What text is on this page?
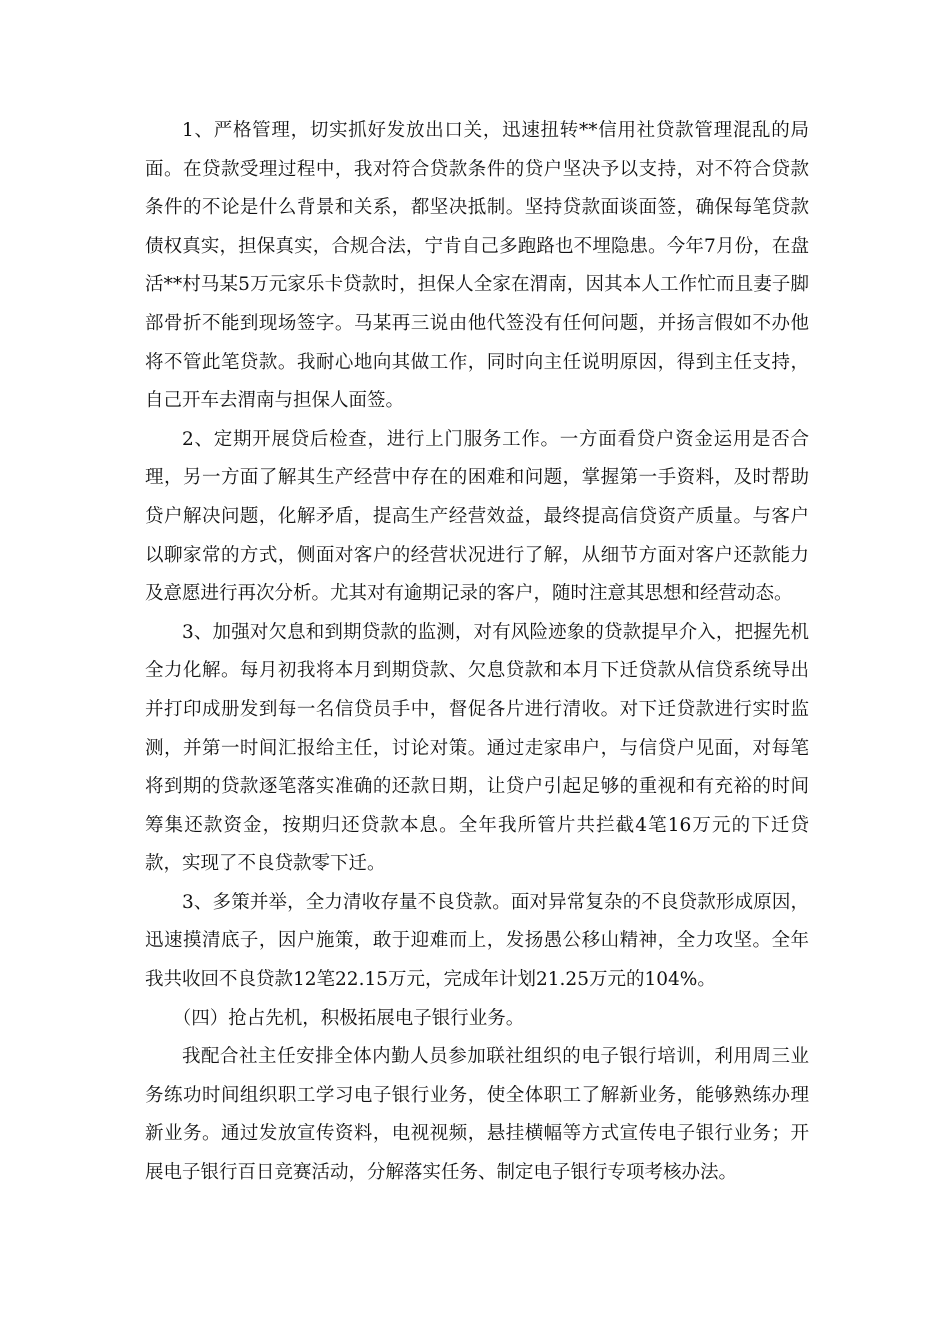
1、严格管理，切实抓好发放出口关，迅速扭转**信用社贷款管理混乱的局面。在贷款受理过程中，我对符合贷款条件的贷户坚决予以支持，对不符合贷款条件的不论是什么背景和关系，都坚决抵制。坚持贷款面谈面签，确保每笔贷款债权真实，担保真实，合规合法，宁肯自己多跑路也不埋隐患。今年7月份，在盘活**村马某5万元家乐卡贷款时，担保人全家在渭南，因其本人工作忙而且妻子脚部骨折不能到现场签字。马某再三说由他代签没有任何问题，并扬言假如不办他将不管此笔贷款。我耐心地向其做工作，同时向主任说明原因，得到主任支持，自己开车去渭南与担保人面签。

2、定期开展贷后检查，进行上门服务工作。一方面看贷户资金运用是否合理，另一方面了解其生产经营中存在的困难和问题，掌握第一手资料，及时帮助贷户解决问题，化解矛盾，提高生产经营效益，最终提高信贷资产质量。与客户以聊家常的方式，侧面对客户的经营状况进行了解，从细节方面对客户还款能力及意愿进行再次分析。尤其对有逾期记录的客户，随时注意其思想和经营动态。

3、加强对欠息和到期贷款的监测，对有风险迹象的贷款提早介入，把握先机全力化解。每月初我将本月到期贷款、欠息贷款和本月下迁贷款从信贷系统导出并打印成册发到每一名信贷员手中，督促各片进行清收。对下迁贷款进行实时监测，并第一时间汇报给主任，讨论对策。通过走家串户，与信贷户见面，对每笔将到期的贷款逐笔落实准确的还款日期，让贷户引起足够的重视和有充裕的时间筹集还款资金，按期归还贷款本息。全年我所管片共拦截4笔16万元的下迁贷款，实现了不良贷款零下迁。

3、多策并举，全力清收存量不良贷款。面对异常复杂的不良贷款形成原因，迅速摸清底子，因户施策，敢于迎难而上，发扬愚公移山精神，全力攻坚。全年我共收回不良贷款12笔22.15万元，完成年计划21.25万元的104%。

（四）抢占先机，积极拓展电子银行业务。

我配合社主任安排全体内勤人员参加联社组织的电子银行培训，利用周三业务练功时间组织职工学习电子银行业务，使全体职工了解新业务，能够熟练办理新业务。通过发放宣传资料，电视视频，悬挂横幅等方式宣传电子银行业务；开展电子银行百日竞赛活动，分解落实任务、制定电子银行专项考核办法。
